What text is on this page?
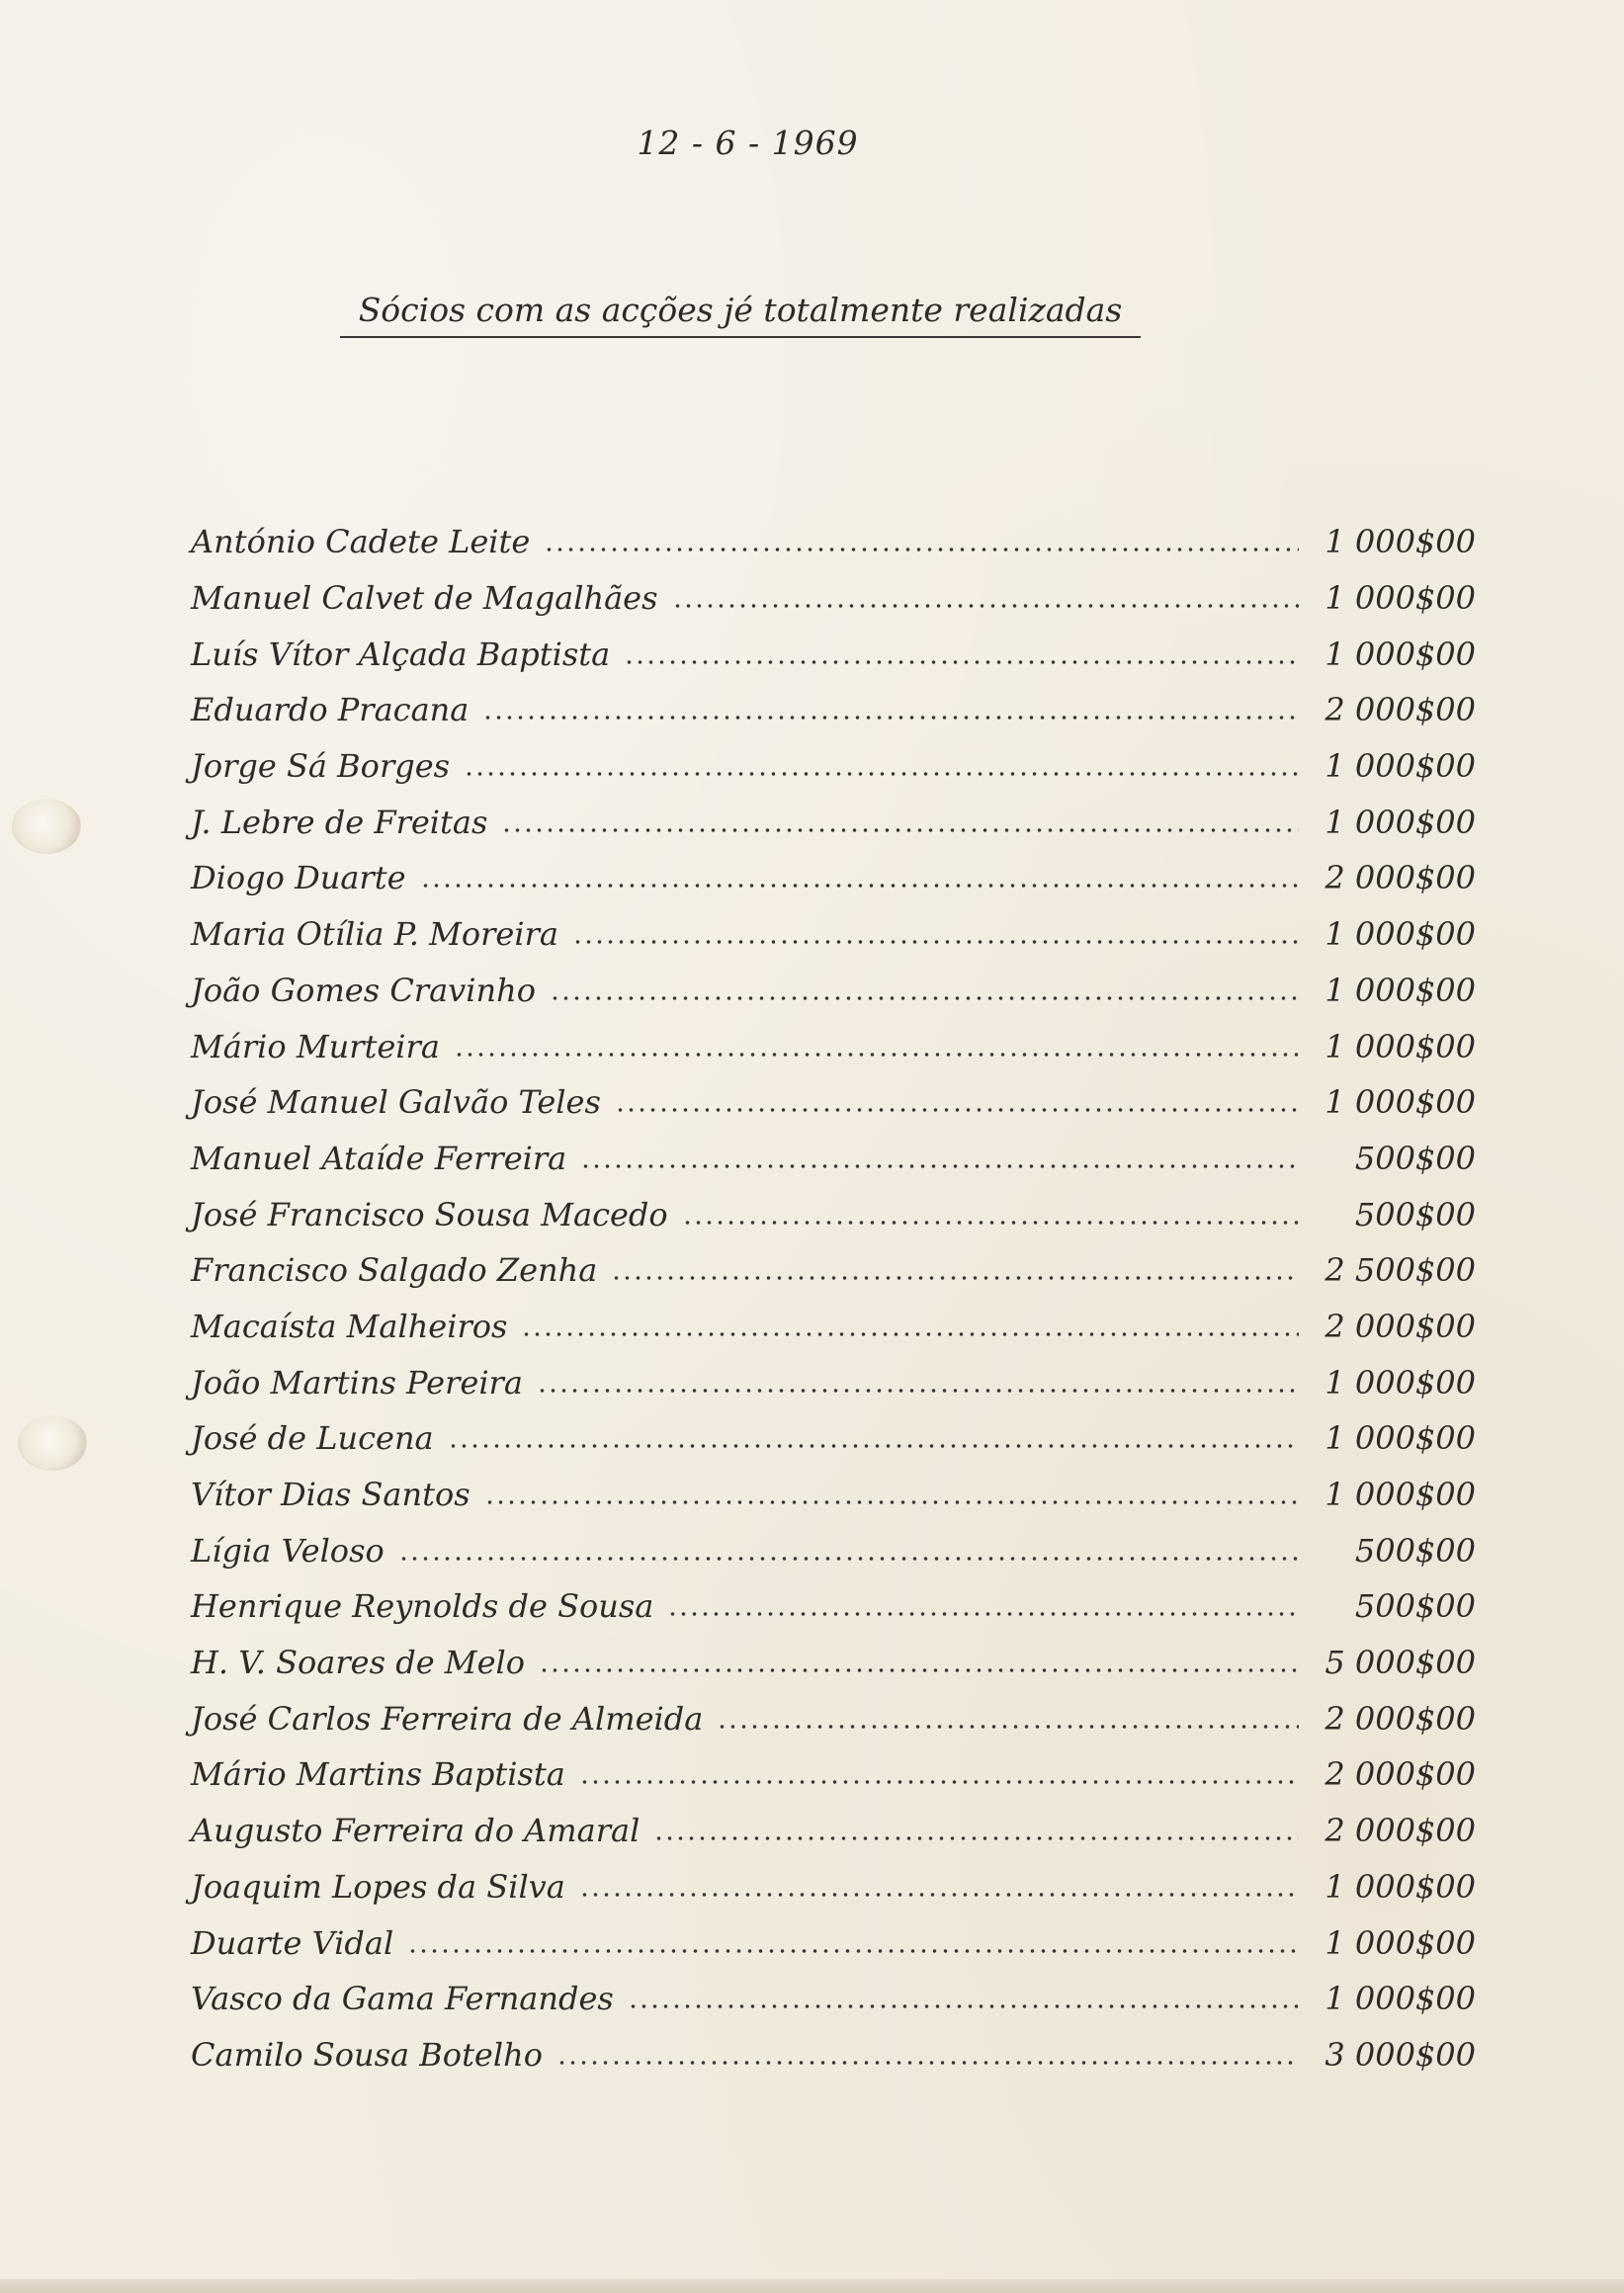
12 - 6 - 1969
Sócios com as acções jé totalmente realizadas
António Cadete Leite	1 000$00
Manuel Calvet de Magalhães	1 000$00
Luís Vítor Alçada Baptista	1 000$00
Eduardo Pracana	2 000$00
Jorge Sá Borges	1 000$00
J. Lebre de Freitas	1 000$00
Diogo Duarte	2 000$00
Maria Otília P. Moreira	1 000$00
João Gomes Cravinho	1 000$00
Mário Murteira	1 000$00
José Manuel Galvão Teles	1 000$00
Manuel Ataíde Ferreira	500$00
José Francisco Sousa Macedo	500$00
Francisco Salgado Zenha	2 500$00
Macaísta Malheiros	2 000$00
João Martins Pereira	1 000$00
José de Lucena	1 000$00
Vítor Dias Santos	1 000$00
Lígia Veloso	500$00
Henrique Reynolds de Sousa	500$00
H. V. Soares de Melo	5 000$00
José Carlos Ferreira de Almeida	2 000$00
Mário Martins Baptista	2 000$00
Augusto Ferreira do Amaral	2 000$00
Joaquim Lopes da Silva	1 000$00
Duarte Vidal	1 000$00
Vasco da Gama Fernandes	1 000$00
Camilo Sousa Botelho	3 000$00
